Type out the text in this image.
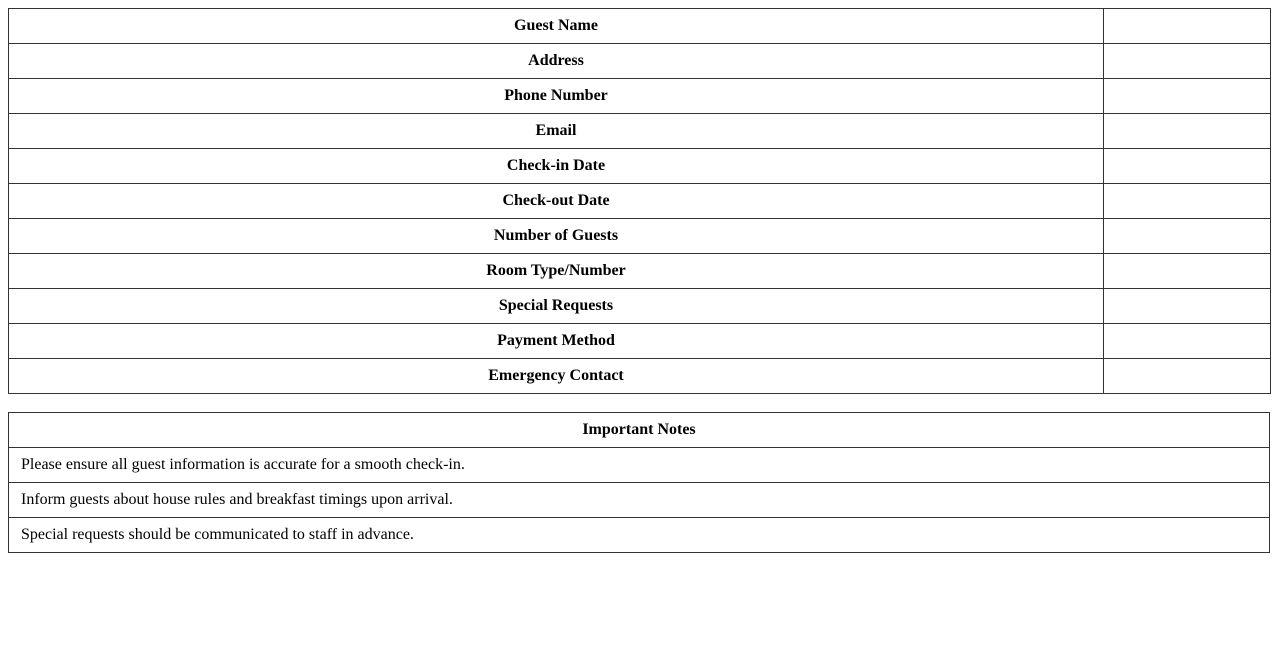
Guest Name	
Address	
Phone Number	
Email	
Check-in Date	
Check-out Date	
Number of Guests	
Room Type/Number	
Special Requests	
Payment Method	
Emergency Contact	
Important Notes
Please ensure all guest information is accurate for a smooth check-in.
Inform guests about house rules and breakfast timings upon arrival.
Special requests should be communicated to staff in advance.
